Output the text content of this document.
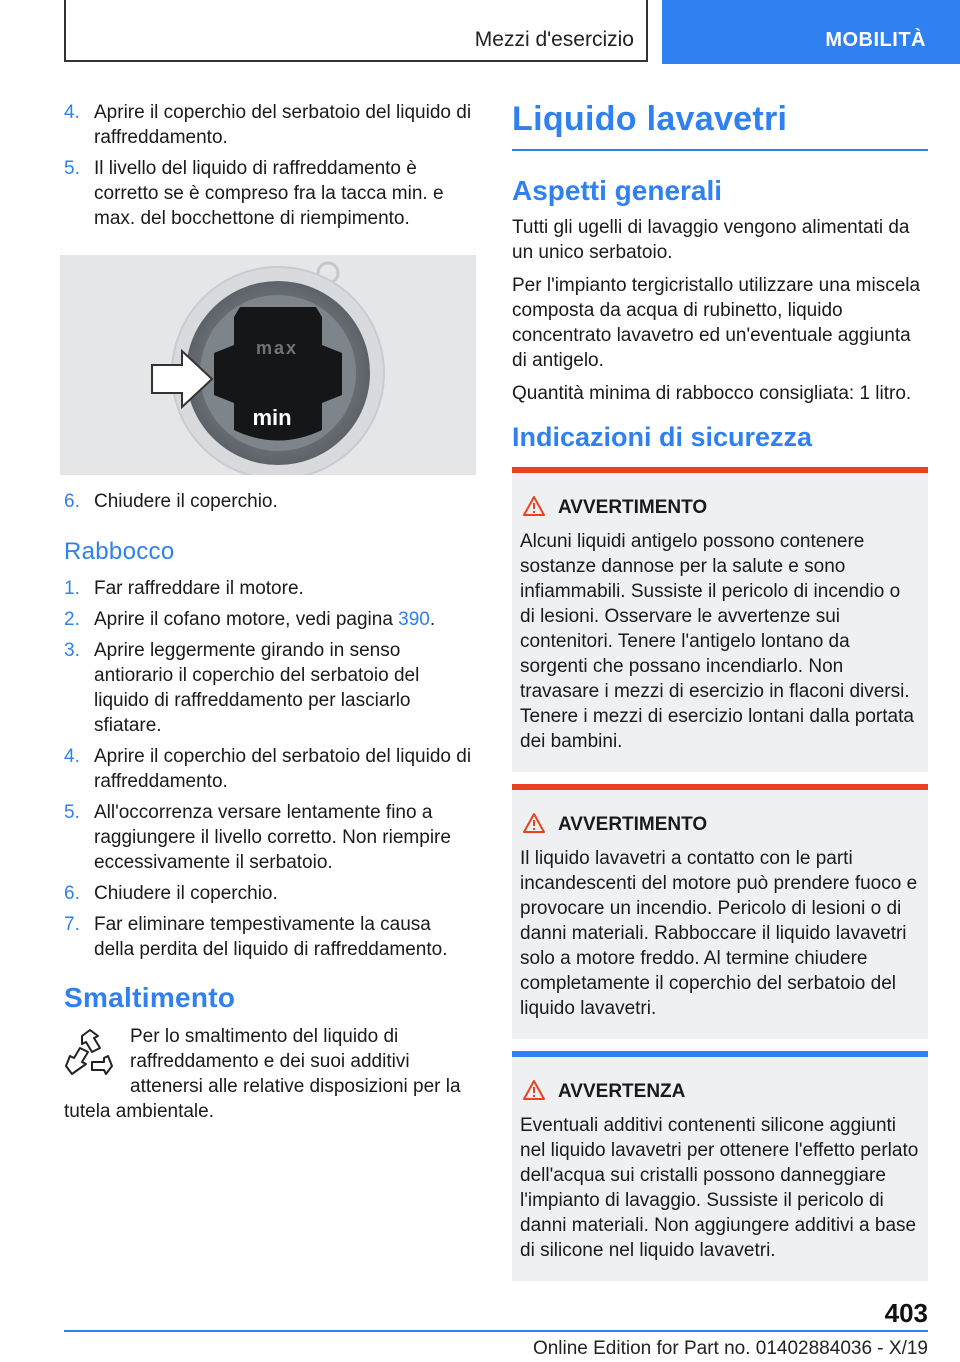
Mezzi d'esercizio	MOBILITÀ
4. Aprire il coperchio del serbatoio del liquido di raffreddamento.
5. Il livello del liquido di raffreddamento è corretto se è compreso fra la tacca min. e max. del bocchettone di riempimento.
max
min
6. Chiudere il coperchio.
Rabbocco
1. Far raffreddare il motore.
2. Aprire il cofano motore, vedi pagina 390.
3. Aprire leggermente girando in senso antiorario il coperchio del serbatoio del liquido di raffreddamento per lasciarlo sfiatare.
4. Aprire il coperchio del serbatoio del liquido di raffreddamento.
5. All'occorrenza versare lentamente fino a raggiungere il livello corretto. Non riempire eccessivamente il serbatoio.
6. Chiudere il coperchio.
7. Far eliminare tempestivamente la causa della perdita del liquido di raffreddamento.
Smaltimento
Per lo smaltimento del liquido di raffreddamento e dei suoi additivi attenersi alle relative disposizioni per la tutela ambientale.
Liquido lavavetri
Aspetti generali

Tutti gli ugelli di lavaggio vengono alimentati da un unico serbatoio.

Per l'impianto tergicristallo utilizzare una miscela composta da acqua di rubinetto, liquido concentrato lavavetro ed un'eventuale aggiunta di antigelo.

Quantità minima di rabbocco consigliata: 1 litro.

Indicazioni di sicurezza
AVVERTIMENTO
Alcuni liquidi antigelo possono contenere sostanze dannose per la salute e sono infiammabili. Sussiste il pericolo di incendio o di lesioni. Osservare le avvertenze sui contenitori. Tenere l'antigelo lontano da sorgenti che possano incendiarlo. Non travasare i mezzi di esercizio in flaconi diversi. Tenere i mezzi di esercizio lontani dalla portata dei bambini.
AVVERTIMENTO
Il liquido lavavetri a contatto con le parti incandescenti del motore può prendere fuoco e provocare un incendio. Pericolo di lesioni o di danni materiali. Rabboccare il liquido lavavetri solo a motore freddo. Al termine chiudere completamente il coperchio del serbatoio del liquido lavavetri.
AVVERTENZA
Eventuali additivi contenenti silicone aggiunti nel liquido lavavetri per ottenere l'effetto perlato dell'acqua sui cristalli possono danneggiare l'impianto di lavaggio. Sussiste il pericolo di danni materiali. Non aggiungere additivi a base di silicone nel liquido lavavetri.
403
Online Edition for Part no. 01402884036 - X/19
